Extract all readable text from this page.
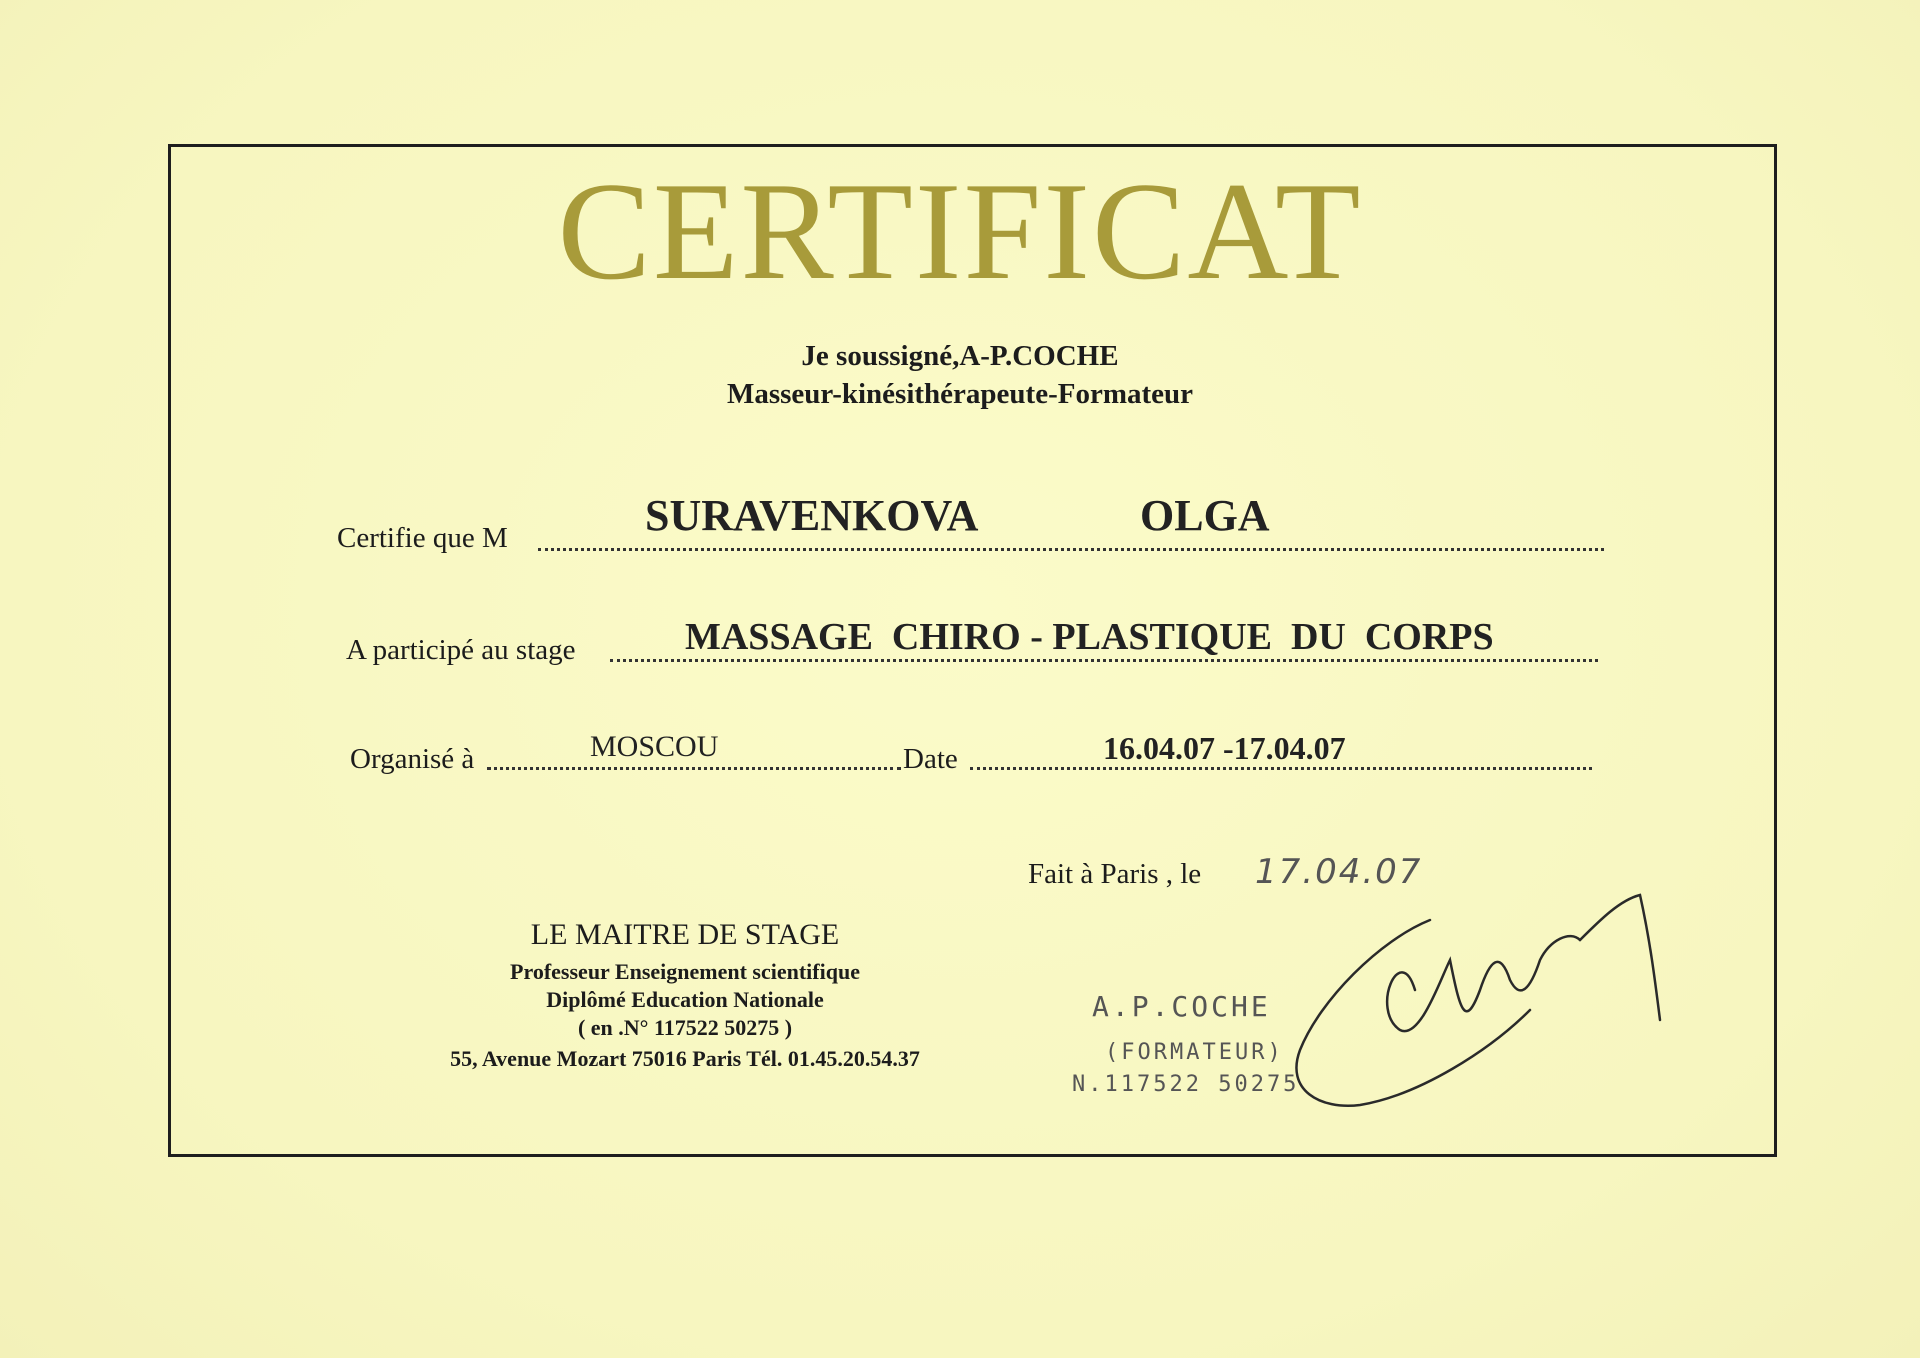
CERTIFICAT
Je soussigné,A-P.COCHE
Masseur-kinésithérapeute-Formateur
Certifie que M	SURAVENKOVA	OLGA
A participé au stage	MASSAGE  CHIRO - PLASTIQUE  DU  CORPS
Organisé à	MOSCOU	Date	16.04.07 -17.04.07
Fait à Paris , le 17.04.07
LE MAITRE DE STAGE
Professeur Enseignement scientifique
Diplômé Education Nationale
( en .N° 117522 50275 )
55, Avenue Mozart 75016 Paris Tél. 01.45.20.54.37
A.P.COCHE
(FORMATEUR)
N.117522 50275
